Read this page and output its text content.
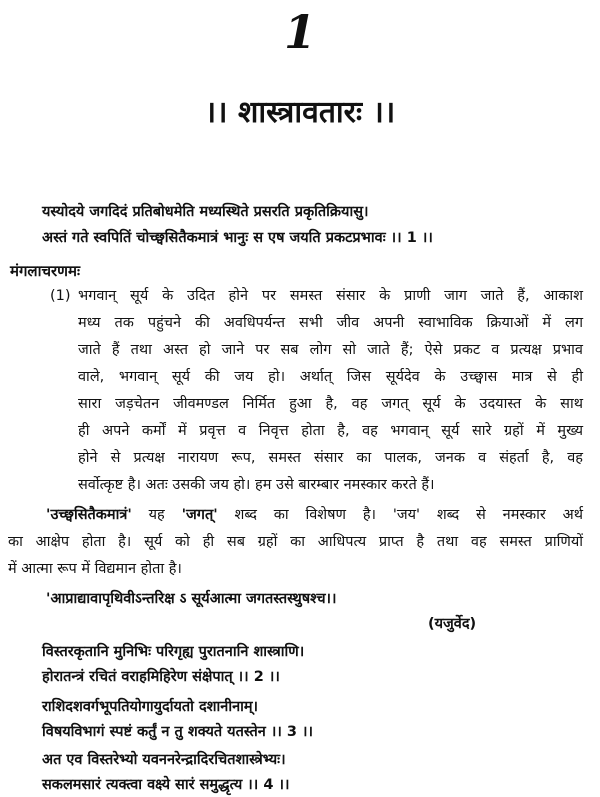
1
।। शास्त्रावतारः ।।
यस्योदये जगदिदं प्रतिबोधमेति मध्यस्थिते प्रसरति प्रकृतिक्रियासु।
अस्तं गते स्वपितिं चोच्छ्वसितैकमात्रं भानुः स एष जयति प्रकटप्रभावः ।। 1 ।।
मंगलाचरणमः
(1) भगवान् सूर्य के उदित होने पर समस्त संसार के प्राणी जाग जाते हैं, आकाश
मध्य तक पहुंचने की अवधिपर्यन्त सभी जीव अपनी स्वाभाविक क्रियाओं में लग
जाते हैं तथा अस्त हो जाने पर सब लोग सो जाते हैं; ऐसे प्रकट व प्रत्यक्ष प्रभाव
वाले, भगवान् सूर्य की जय हो। अर्थात् जिस सूर्यदेव के उच्छ्वास मात्र से ही
सारा जड़चेतन जीवमण्डल निर्मित हुआ है, वह जगत् सूर्य के उदयास्त के साथ
ही अपने कर्मों में प्रवृत्त व निवृत्त होता है, वह भगवान् सूर्य सारे ग्रहों में मुख्य
होने से प्रत्यक्ष नारायण रूप, समस्त संसार का पालक, जनक व संहर्ता है, वह
सर्वोत्कृष्ट है। अतः उसकी जय हो। हम उसे बारम्बार नमस्कार करते हैं।
'उच्छ्वसितैकमात्रं' यह 'जगत्' शब्द का विशेषण है। 'जय' शब्द से नमस्कार अर्थ
का आक्षेप होता है। सूर्य को ही सब ग्रहों का आधिपत्य प्राप्त है तथा वह समस्त प्राणियों
में आत्मा रूप में विद्यमान होता है।
'आप्राद्यावापृथिवीऽन्तरिक्ष ऽ सूर्यआत्मा जगतस्तस्थुषश्च।।
(यजुर्वेद)
विस्तरकृतानि मुनिभिः परिगृह्य पुरातनानि शास्त्राणि।
होरातन्त्रं रचितं वराहमिहिरेण संक्षेपात् ।। 2 ।।
राशिदशवर्गभूपतियोगायुर्दायतो दशानीनाम्।
विषयविभागं स्पष्टं कर्तुं न तु शक्यते यतस्तेन ।। 3 ।।
अत एव विस्तरेभ्यो यवननरेन्द्रादिरचितशास्त्रेभ्यः।
सकलमसारं त्यक्त्वा वक्ष्ये सारं समुद्धृत्य ।। 4 ।।
